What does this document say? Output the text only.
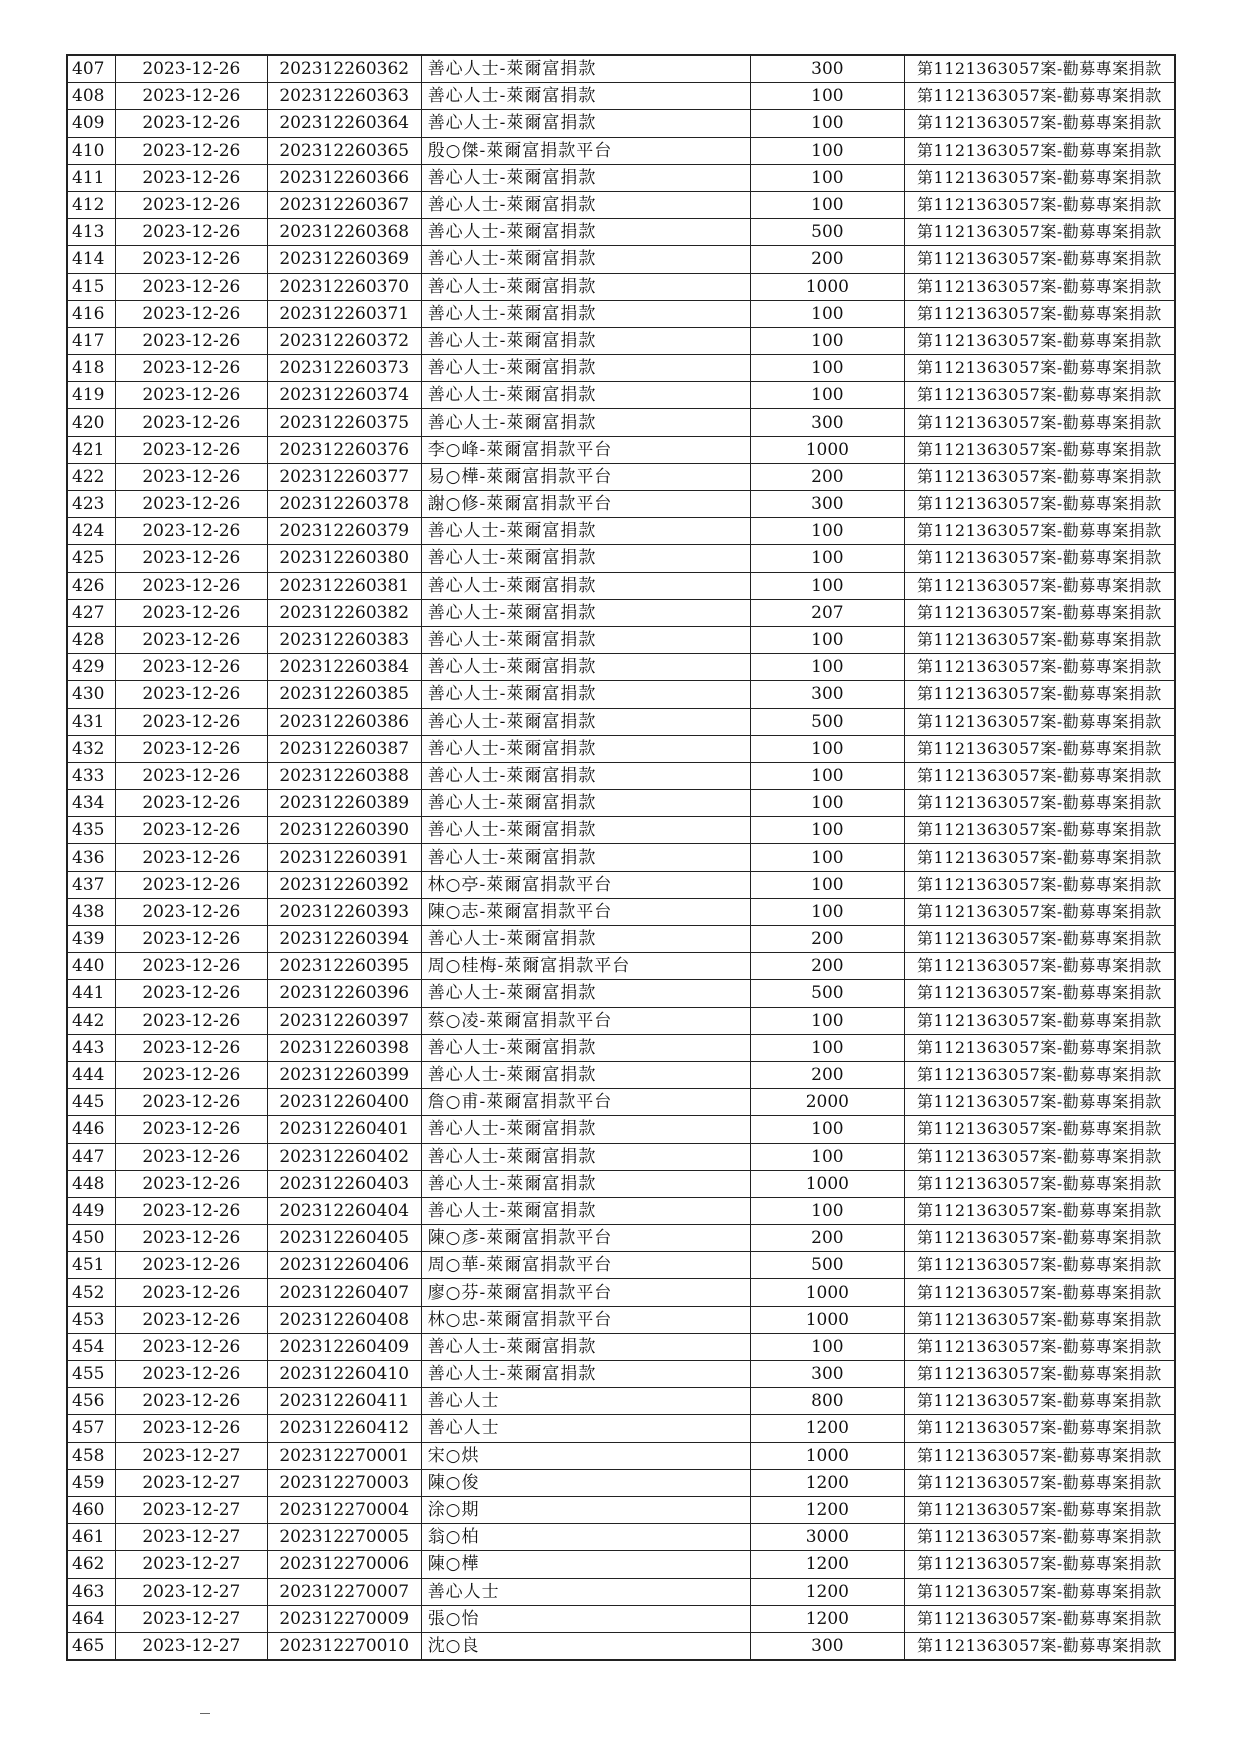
407	2023-12-26	202312260362	善心人士-萊爾富捐款	300	第1121363057案-勸募專案捐款
408	2023-12-26	202312260363	善心人士-萊爾富捐款	100	第1121363057案-勸募專案捐款
409	2023-12-26	202312260364	善心人士-萊爾富捐款	100	第1121363057案-勸募專案捐款
410	2023-12-26	202312260365	殷○傑-萊爾富捐款平台	100	第1121363057案-勸募專案捐款
411	2023-12-26	202312260366	善心人士-萊爾富捐款	100	第1121363057案-勸募專案捐款
412	2023-12-26	202312260367	善心人士-萊爾富捐款	100	第1121363057案-勸募專案捐款
413	2023-12-26	202312260368	善心人士-萊爾富捐款	500	第1121363057案-勸募專案捐款
414	2023-12-26	202312260369	善心人士-萊爾富捐款	200	第1121363057案-勸募專案捐款
415	2023-12-26	202312260370	善心人士-萊爾富捐款	1000	第1121363057案-勸募專案捐款
416	2023-12-26	202312260371	善心人士-萊爾富捐款	100	第1121363057案-勸募專案捐款
417	2023-12-26	202312260372	善心人士-萊爾富捐款	100	第1121363057案-勸募專案捐款
418	2023-12-26	202312260373	善心人士-萊爾富捐款	100	第1121363057案-勸募專案捐款
419	2023-12-26	202312260374	善心人士-萊爾富捐款	100	第1121363057案-勸募專案捐款
420	2023-12-26	202312260375	善心人士-萊爾富捐款	300	第1121363057案-勸募專案捐款
421	2023-12-26	202312260376	李○峰-萊爾富捐款平台	1000	第1121363057案-勸募專案捐款
422	2023-12-26	202312260377	易○樺-萊爾富捐款平台	200	第1121363057案-勸募專案捐款
423	2023-12-26	202312260378	謝○修-萊爾富捐款平台	300	第1121363057案-勸募專案捐款
424	2023-12-26	202312260379	善心人士-萊爾富捐款	100	第1121363057案-勸募專案捐款
425	2023-12-26	202312260380	善心人士-萊爾富捐款	100	第1121363057案-勸募專案捐款
426	2023-12-26	202312260381	善心人士-萊爾富捐款	100	第1121363057案-勸募專案捐款
427	2023-12-26	202312260382	善心人士-萊爾富捐款	207	第1121363057案-勸募專案捐款
428	2023-12-26	202312260383	善心人士-萊爾富捐款	100	第1121363057案-勸募專案捐款
429	2023-12-26	202312260384	善心人士-萊爾富捐款	100	第1121363057案-勸募專案捐款
430	2023-12-26	202312260385	善心人士-萊爾富捐款	300	第1121363057案-勸募專案捐款
431	2023-12-26	202312260386	善心人士-萊爾富捐款	500	第1121363057案-勸募專案捐款
432	2023-12-26	202312260387	善心人士-萊爾富捐款	100	第1121363057案-勸募專案捐款
433	2023-12-26	202312260388	善心人士-萊爾富捐款	100	第1121363057案-勸募專案捐款
434	2023-12-26	202312260389	善心人士-萊爾富捐款	100	第1121363057案-勸募專案捐款
435	2023-12-26	202312260390	善心人士-萊爾富捐款	100	第1121363057案-勸募專案捐款
436	2023-12-26	202312260391	善心人士-萊爾富捐款	100	第1121363057案-勸募專案捐款
437	2023-12-26	202312260392	林○亭-萊爾富捐款平台	100	第1121363057案-勸募專案捐款
438	2023-12-26	202312260393	陳○志-萊爾富捐款平台	100	第1121363057案-勸募專案捐款
439	2023-12-26	202312260394	善心人士-萊爾富捐款	200	第1121363057案-勸募專案捐款
440	2023-12-26	202312260395	周○桂梅-萊爾富捐款平台	200	第1121363057案-勸募專案捐款
441	2023-12-26	202312260396	善心人士-萊爾富捐款	500	第1121363057案-勸募專案捐款
442	2023-12-26	202312260397	蔡○凌-萊爾富捐款平台	100	第1121363057案-勸募專案捐款
443	2023-12-26	202312260398	善心人士-萊爾富捐款	100	第1121363057案-勸募專案捐款
444	2023-12-26	202312260399	善心人士-萊爾富捐款	200	第1121363057案-勸募專案捐款
445	2023-12-26	202312260400	詹○甫-萊爾富捐款平台	2000	第1121363057案-勸募專案捐款
446	2023-12-26	202312260401	善心人士-萊爾富捐款	100	第1121363057案-勸募專案捐款
447	2023-12-26	202312260402	善心人士-萊爾富捐款	100	第1121363057案-勸募專案捐款
448	2023-12-26	202312260403	善心人士-萊爾富捐款	1000	第1121363057案-勸募專案捐款
449	2023-12-26	202312260404	善心人士-萊爾富捐款	100	第1121363057案-勸募專案捐款
450	2023-12-26	202312260405	陳○彥-萊爾富捐款平台	200	第1121363057案-勸募專案捐款
451	2023-12-26	202312260406	周○華-萊爾富捐款平台	500	第1121363057案-勸募專案捐款
452	2023-12-26	202312260407	廖○芬-萊爾富捐款平台	1000	第1121363057案-勸募專案捐款
453	2023-12-26	202312260408	林○忠-萊爾富捐款平台	1000	第1121363057案-勸募專案捐款
454	2023-12-26	202312260409	善心人士-萊爾富捐款	100	第1121363057案-勸募專案捐款
455	2023-12-26	202312260410	善心人士-萊爾富捐款	300	第1121363057案-勸募專案捐款
456	2023-12-26	202312260411	善心人士	800	第1121363057案-勸募專案捐款
457	2023-12-26	202312260412	善心人士	1200	第1121363057案-勸募專案捐款
458	2023-12-27	202312270001	宋○烘	1000	第1121363057案-勸募專案捐款
459	2023-12-27	202312270003	陳○俊	1200	第1121363057案-勸募專案捐款
460	2023-12-27	202312270004	涂○期	1200	第1121363057案-勸募專案捐款
461	2023-12-27	202312270005	翁○柏	3000	第1121363057案-勸募專案捐款
462	2023-12-27	202312270006	陳○樺	1200	第1121363057案-勸募專案捐款
463	2023-12-27	202312270007	善心人士	1200	第1121363057案-勸募專案捐款
464	2023-12-27	202312270009	張○怡	1200	第1121363057案-勸募專案捐款
465	2023-12-27	202312270010	沈○良	300	第1121363057案-勸募專案捐款
